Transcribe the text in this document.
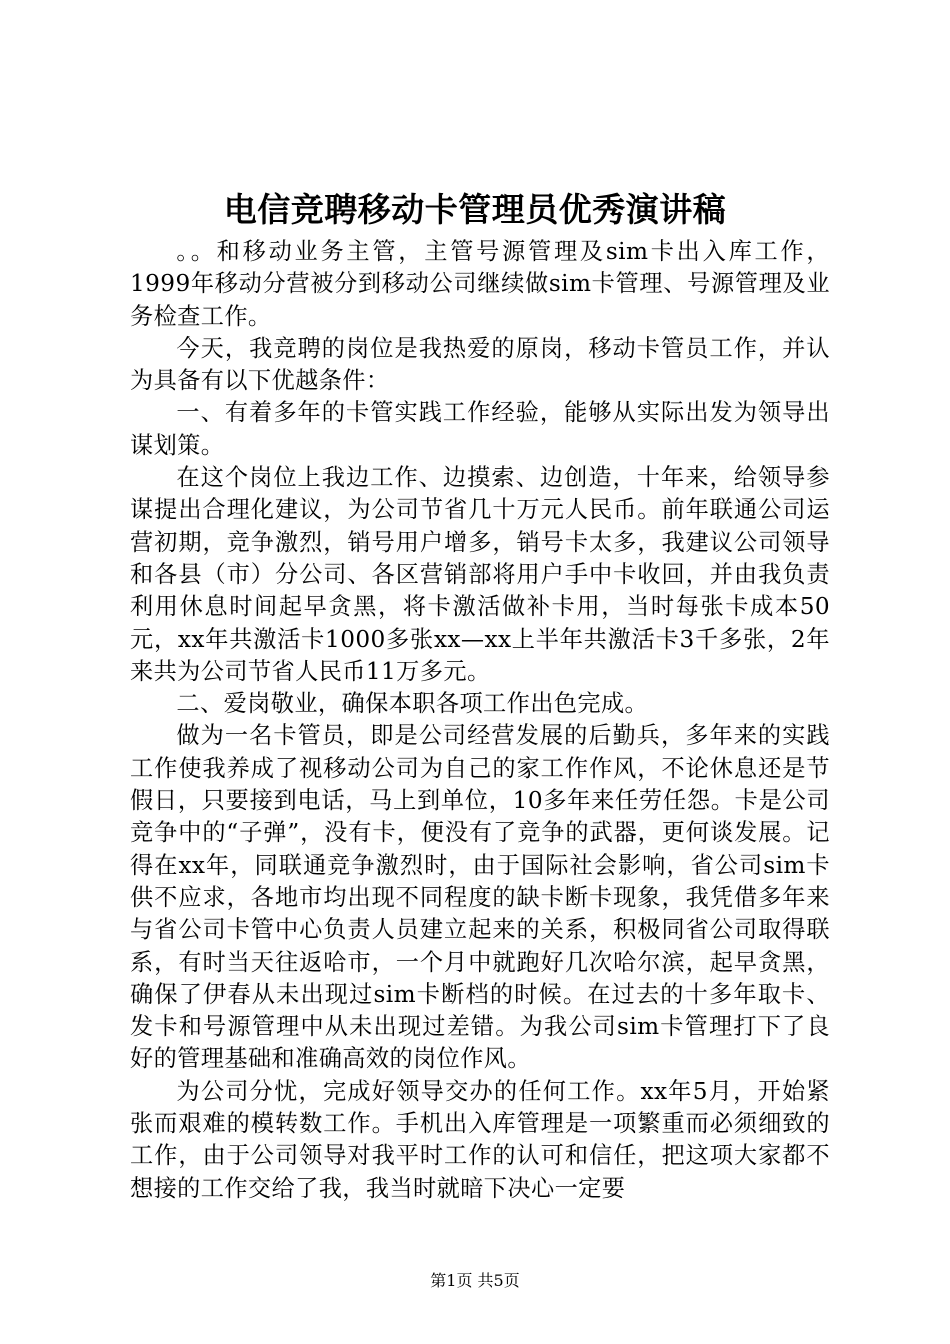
电信竞聘移动卡管理员优秀演讲稿

。。和移动业务主管，主管号源管理及sim卡出入库工作，1999年移动分营被分到移动公司继续做sim卡管理、号源管理及业务检查工作。

今天，我竞聘的岗位是我热爱的原岗，移动卡管员工作，并认为具备有以下优越条件：

一、有着多年的卡管实践工作经验，能够从实际出发为领导出谋划策。

在这个岗位上我边工作、边摸索、边创造，十年来，给领导参谋提出合理化建议，为公司节省几十万元人民币。前年联通公司运营初期，竞争激烈，销号用户增多，销号卡太多，我建议公司领导和各县（市）分公司、各区营销部将用户手中卡收回，并由我负责利用休息时间起早贪黑，将卡激活做补卡用，当时每张卡成本50元，xx年共激活卡1000多张xx—xx上半年共激活卡3千多张，2年来共为公司节省人民币11万多元。

二、爱岗敬业，确保本职各项工作出色完成。

做为一名卡管员，即是公司经营发展的后勤兵，多年来的实践工作使我养成了视移动公司为自己的家工作作风，不论休息还是节假日，只要接到电话，马上到单位，10多年来任劳任怨。卡是公司竞争中的“子弹”，没有卡，便没有了竞争的武器，更何谈发展。记得在xx年，同联通竞争激烈时，由于国际社会影响，省公司sim卡供不应求，各地市均出现不同程度的缺卡断卡现象，我凭借多年来与省公司卡管中心负责人员建立起来的关系，积极同省公司取得联系，有时当天往返哈市，一个月中就跑好几次哈尔滨，起早贪黑，确保了伊春从未出现过sim卡断档的时候。在过去的十多年取卡、发卡和号源管理中从未出现过差错。为我公司sim卡管理打下了良好的管理基础和准确高效的岗位作风。

为公司分忧，完成好领导交办的任何工作。xx年5月，开始紧张而艰难的模转数工作。手机出入库管理是一项繁重而必须细致的工作，由于公司领导对我平时工作的认可和信任，把这项大家都不想接的工作交给了我，我当时就暗下决心一定要

第1页 共5页
